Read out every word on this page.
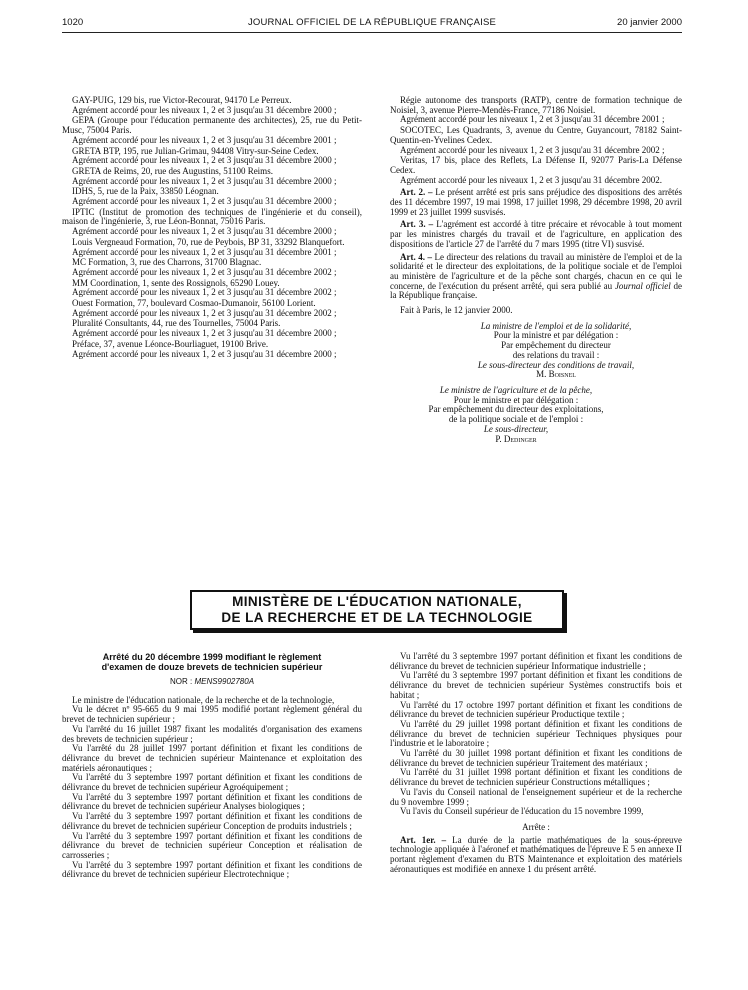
1020	JOURNAL OFFICIEL DE LA RÉPUBLIQUE FRANÇAISE	20 janvier 2000

GAY-PUIG, 129 bis, rue Victor-Recourat, 94170 Le Perreux.

Agrément accordé pour les niveaux 1, 2 et 3 jusqu'au 31 décembre 2000 ;

GEPA (Groupe pour l'éducation permanente des architectes), 25, rue du Petit-Musc, 75004 Paris.

Agrément accordé pour les niveaux 1, 2 et 3 jusqu'au 31 décembre 2001 ;

GRETA BTP, 195, rue Julian-Grimau, 94408 Vitry-sur-Seine Cedex.

Agrément accordé pour les niveaux 1, 2 et 3 jusqu'au 31 décembre 2000 ;

GRETA de Reims, 20, rue des Augustins, 51100 Reims.

Agrément accordé pour les niveaux 1, 2 et 3 jusqu'au 31 décembre 2000 ;

IDHS, 5, rue de la Paix, 33850 Léognan.

Agrément accordé pour les niveaux 1, 2 et 3 jusqu'au 31 décembre 2000 ;

IPTIC (Institut de promotion des techniques de l'ingénierie et du conseil), maison de l'ingénierie, 3, rue Léon-Bonnat, 75016 Paris.

Agrément accordé pour les niveaux 1, 2 et 3 jusqu'au 31 décembre 2000 ;

Louis Vergneaud Formation, 70, rue de Peybois, BP 31, 33292 Blanquefort.

Agrément accordé pour les niveaux 1, 2 et 3 jusqu'au 31 décembre 2001 ;

MC Formation, 3, rue des Charrons, 31700 Blagnac.

Agrément accordé pour les niveaux 1, 2 et 3 jusqu'au 31 décembre 2002 ;

MM Coordination, 1, sente des Rossignols, 65290 Louey.

Agrément accordé pour les niveaux 1, 2 et 3 jusqu'au 31 décembre 2002 ;

Ouest Formation, 77, boulevard Cosmao-Dumanoir, 56100 Lorient.

Agrément accordé pour les niveaux 1, 2 et 3 jusqu'au 31 décembre 2002 ;

Pluralité Consultants, 44, rue des Tournelles, 75004 Paris.

Agrément accordé pour les niveaux 1, 2 et 3 jusqu'au 31 décembre 2000 ;

Préface, 37, avenue Léonce-Bourliaguet, 19100 Brive.

Agrément accordé pour les niveaux 1, 2 et 3 jusqu'au 31 décembre 2000 ;

Régie autonome des transports (RATP), centre de formation technique de Noisiel, 3, avenue Pierre-Mendès-France, 77186 Noisiel.

Agrément accordé pour les niveaux 1, 2 et 3 jusqu'au 31 décembre 2001 ;

SOCOTEC, Les Quadrants, 3, avenue du Centre, Guyancourt, 78182 Saint-Quentin-en-Yvelines Cedex.

Agrément accordé pour les niveaux 1, 2 et 3 jusqu'au 31 décembre 2002 ;

Veritas, 17 bis, place des Reflets, La Défense II, 92077 Paris-La Défense Cedex.

Agrément accordé pour les niveaux 1, 2 et 3 jusqu'au 31 décembre 2002.

Art. 2. – Le présent arrêté est pris sans préjudice des dispositions des arrêtés des 11 décembre 1997, 19 mai 1998, 17 juillet 1998, 29 décembre 1998, 20 avril 1999 et 23 juillet 1999 susvisés.

Art. 3. – L'agrément est accordé à titre précaire et révocable à tout moment par les ministres chargés du travail et de l'agriculture, en application des dispositions de l'article 27 de l'arrêté du 7 mars 1995 (titre VI) susvisé.

Art. 4. – Le directeur des relations du travail au ministère de l'emploi et de la solidarité et le directeur des exploitations, de la politique sociale et de l'emploi au ministère de l'agriculture et de la pêche sont chargés, chacun en ce qui le concerne, de l'exécution du présent arrêté, qui sera publié au Journal officiel de la République française.

Fait à Paris, le 12 janvier 2000.

La ministre de l'emploi et de la solidarité,

Pour la ministre et par délégation :

Par empêchement du directeur

des relations du travail :

Le sous-directeur des conditions de travail,

M. Boisnel

Le ministre de l'agriculture et de la pêche,

Pour le ministre et par délégation :

Par empêchement du directeur des exploitations,

de la politique sociale et de l'emploi :

Le sous-directeur,

P. Dedinger

MINISTÈRE DE L'ÉDUCATION NATIONALE,
DE LA RECHERCHE ET DE LA TECHNOLOGIE
Arrêté du 20 décembre 1999 modifiant le règlement
d'examen de douze brevets de technicien supérieur
NOR : MENS9902780A

Le ministre de l'éducation nationale, de la recherche et de la technologie,

Vu le décret nº 95-665 du 9 mai 1995 modifié portant règlement général du brevet de technicien supérieur ;

Vu l'arrêté du 16 juillet 1987 fixant les modalités d'organisation des examens des brevets de technicien supérieur ;

Vu l'arrêté du 28 juillet 1997 portant définition et fixant les conditions de délivrance du brevet de technicien supérieur Maintenance et exploitation des matériels aéronautiques ;

Vu l'arrêté du 3 septembre 1997 portant définition et fixant les conditions de délivrance du brevet de technicien supérieur Agroéquipement ;

Vu l'arrêté du 3 septembre 1997 portant définition et fixant les conditions de délivrance du brevet de technicien supérieur Analyses biologiques ;

Vu l'arrêté du 3 septembre 1997 portant définition et fixant les conditions de délivrance du brevet de technicien supérieur Conception de produits industriels ;

Vu l'arrêté du 3 septembre 1997 portant définition et fixant les conditions de délivrance du brevet de technicien supérieur Conception et réalisation de carrosseries ;

Vu l'arrêté du 3 septembre 1997 portant définition et fixant les conditions de délivrance du brevet de technicien supérieur Electrotechnique ;

Vu l'arrêté du 3 septembre 1997 portant définition et fixant les conditions de délivrance du brevet de technicien supérieur Informatique industrielle ;

Vu l'arrêté du 3 septembre 1997 portant définition et fixant les conditions de délivrance du brevet de technicien supérieur Systèmes constructifs bois et habitat ;

Vu l'arrêté du 17 octobre 1997 portant définition et fixant les conditions de délivrance du brevet de technicien supérieur Productique textile ;

Vu l'arrêté du 29 juillet 1998 portant définition et fixant les conditions de délivrance du brevet de technicien supérieur Techniques physiques pour l'industrie et le laboratoire ;

Vu l'arrêté du 30 juillet 1998 portant définition et fixant les conditions de délivrance du brevet de technicien supérieur Traitement des matériaux ;

Vu l'arrêté du 31 juillet 1998 portant définition et fixant les conditions de délivrance du brevet de technicien supérieur Constructions métalliques ;

Vu l'avis du Conseil national de l'enseignement supérieur et de la recherche du 9 novembre 1999 ;

Vu l'avis du Conseil supérieur de l'éducation du 15 novembre 1999,

Arrête :

Art. 1er. – La durée de la partie mathématiques de la sous-épreuve technologie appliquée à l'aéronef et mathématiques de l'épreuve E 5 en annexe II portant règlement d'examen du BTS Maintenance et exploitation des matériels aéronautiques est modifiée en annexe 1 du présent arrêté.
